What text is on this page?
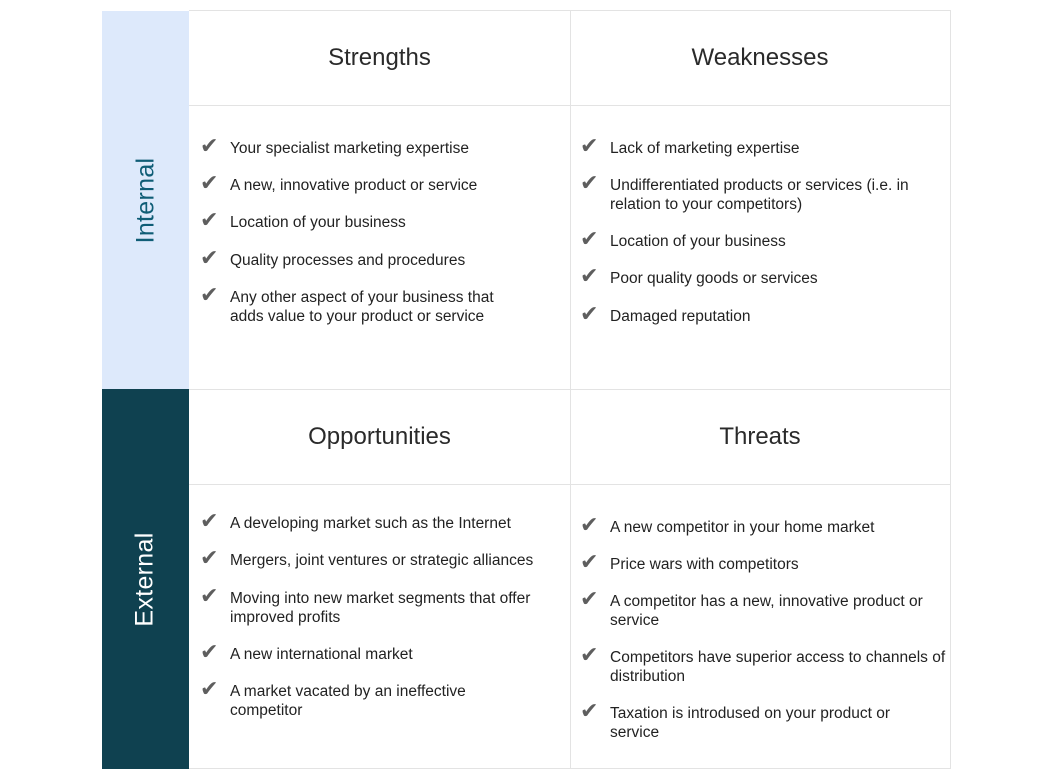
Internal
External
Strengths	Weaknesses
Opportunities	Threats
✔ Your specialist marketing expertise
✔ A new, innovative product or service
✔ Location of your business
✔ Quality processes and procedures
✔ Any other aspect of your business that adds value to your product or service
✔ Lack of marketing expertise
✔ Undifferentiated products or services (i.e. in relation to your competitors)
✔ Location of your business
✔ Poor quality goods or services
✔ Damaged reputation
✔ A developing market such as the Internet
✔ Mergers, joint ventures or strategic alliances
✔ Moving into new market segments that offer improved profits
✔ A new international market
✔ A market vacated by an ineffective competitor
✔ A new competitor in your home market
✔ Price wars with competitors
✔ A competitor has a new, innovative product or service
✔ Competitors have superior access to channels of distribution
✔ Taxation is introdused on your product or service
